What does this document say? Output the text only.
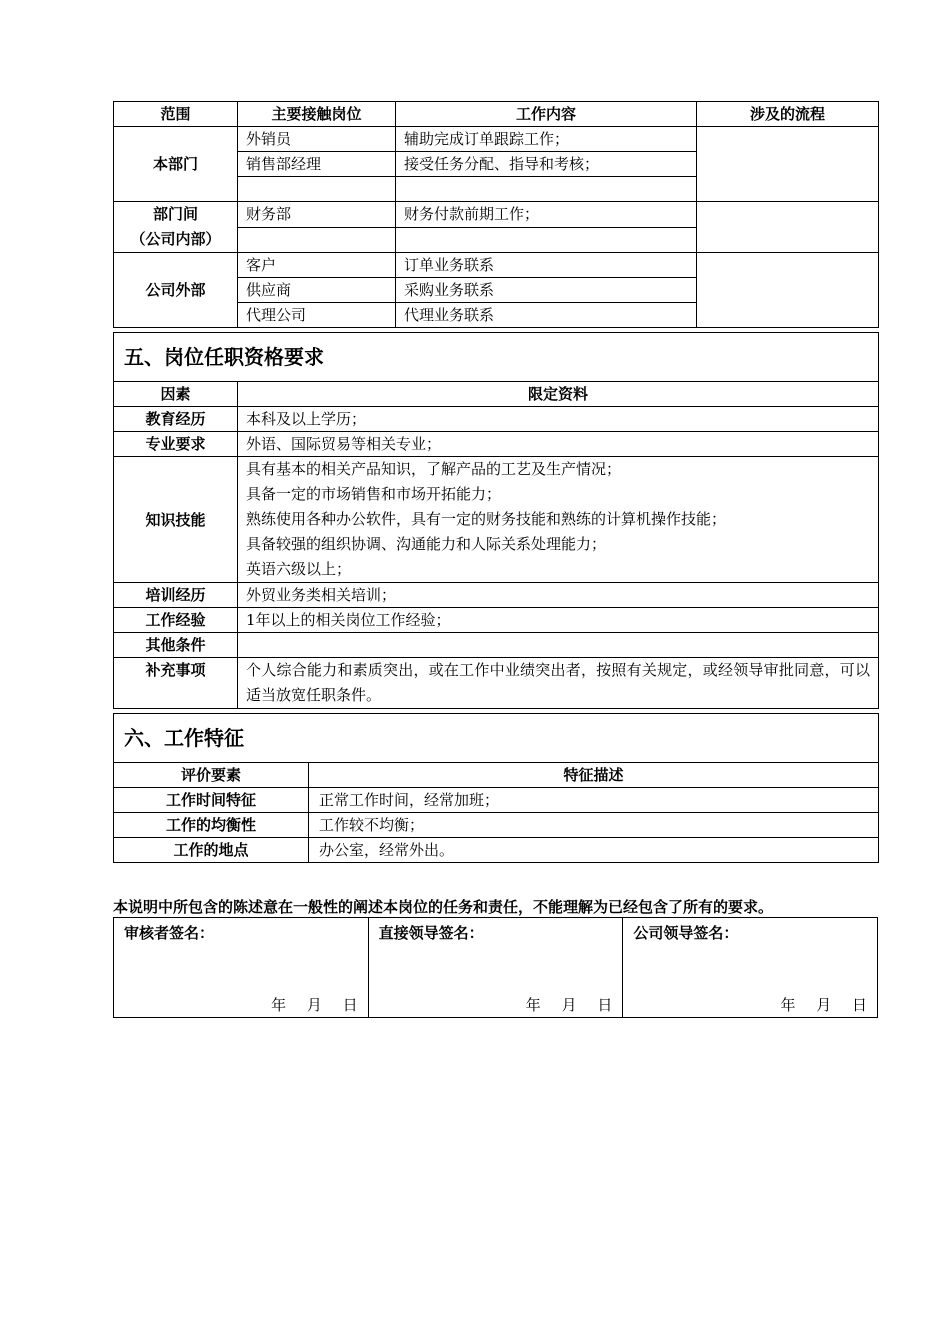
范围	主要接触岗位	工作内容	涉及的流程
本部门	外销员	辅助完成订单跟踪工作；	
	销售部经理	接受任务分配、指导和考核；	

部门间
（公司内部）	财务部	财务付款前期工作；	

公司外部	客户	订单业务联系	
	供应商	采购业务联系	
	代理公司	代理业务联系	
五、岗位任职资格要求	
因素	限定资料
教育经历	本科及以上学历；
专业要求	外语、国际贸易等相关专业；
知识技能	具有基本的相关产品知识，了解产品的工艺及生产情况；
具备一定的市场销售和市场开拓能力；
熟练使用各种办公软件，具有一定的财务技能和熟练的计算机操作技能；
具备较强的组织协调、沟通能力和人际关系处理能力；
英语六级以上；

培训经历	外贸业务类相关培训；
工作经验	1年以上的相关岗位工作经验；
其他条件	
补充事项	个人综合能力和素质突出，或在工作中业绩突出者，按照有关规定，或经领导审批同意，可以适当放宽任职条件。
六、工作特征	
评价要素	特征描述
工作时间特征	正常工作时间，经常加班；
工作的均衡性	工作较不均衡；
工作的地点	办公室，经常外出。
本说明中所包含的陈述意在一般性的阐述本岗位的任务和责任，不能理解为已经包含了所有的要求。
审核者签名：
年 月 日
直接领导签名：
年 月 日
公司领导签名：
年 月 日
